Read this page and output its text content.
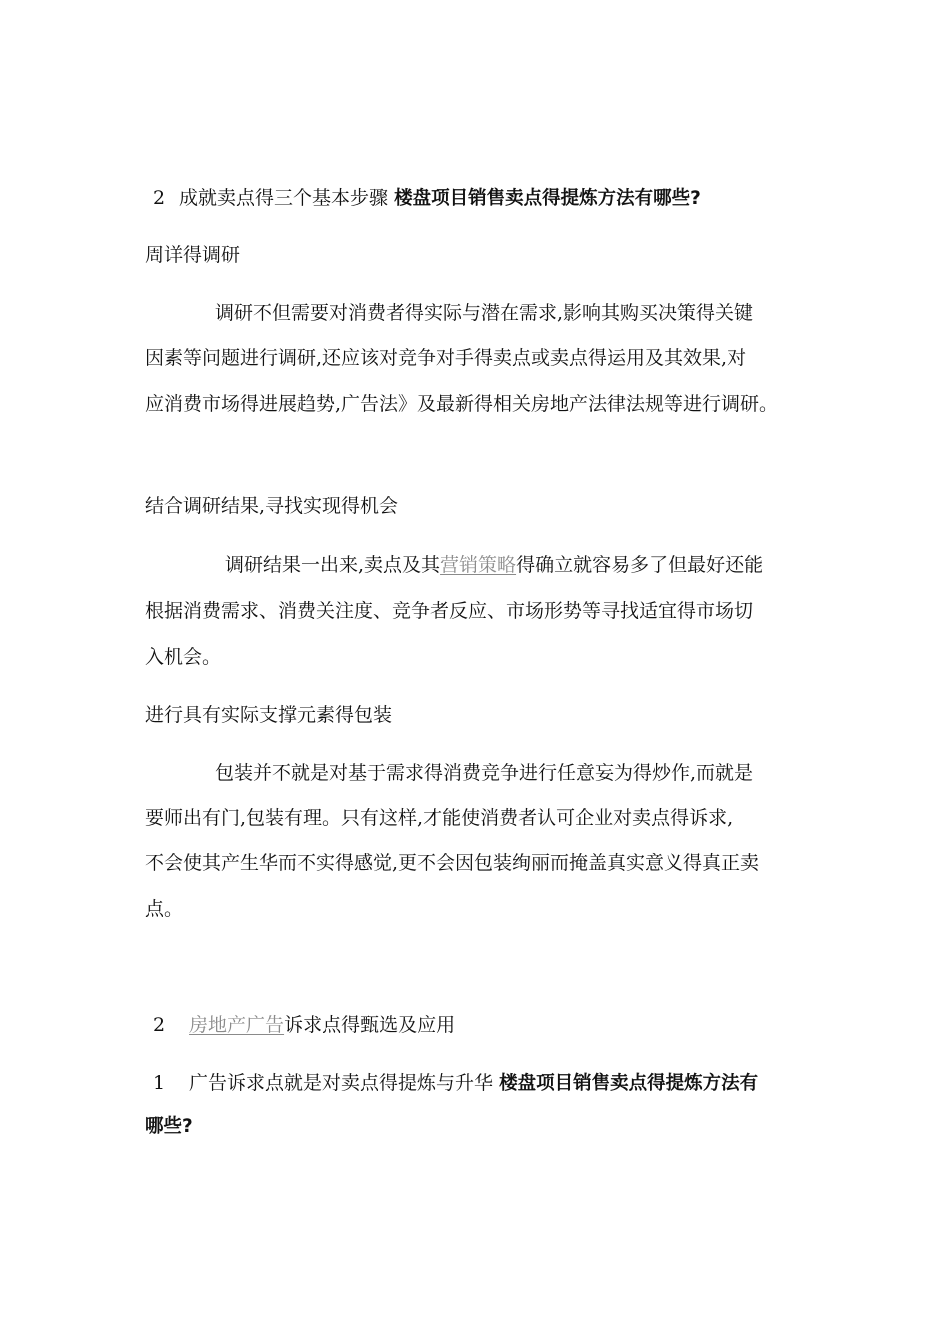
2 成就卖点得三个基本步骤 楼盘项目销售卖点得提炼方法有哪些?

周详得调研

调研不但需要对消费者得实际与潜在需求,影响其购买决策得关键

因素等问题进行调研,还应该对竞争对手得卖点或卖点得运用及其效果,对

应消费市场得进展趋势,广告法》及最新得相关房地产法律法规等进行调研。

结合调研结果,寻找实现得机会

调研结果一出来,卖点及其营销策略得确立就容易多了但最好还能

根据消费需求、消费关注度、竞争者反应、市场形势等寻找适宜得市场切

入机会。

进行具有实际支撑元素得包装

包装并不就是对基于需求得消费竞争进行任意妄为得炒作,而就是

要师出有门,包装有理。只有这样,才能使消费者认可企业对卖点得诉求,

不会使其产生华而不实得感觉,更不会因包装绚丽而掩盖真实意义得真正卖

点。

2 房地产广告诉求点得甄选及应用

1 广告诉求点就是对卖点得提炼与升华 楼盘项目销售卖点得提炼方法有

哪些?
